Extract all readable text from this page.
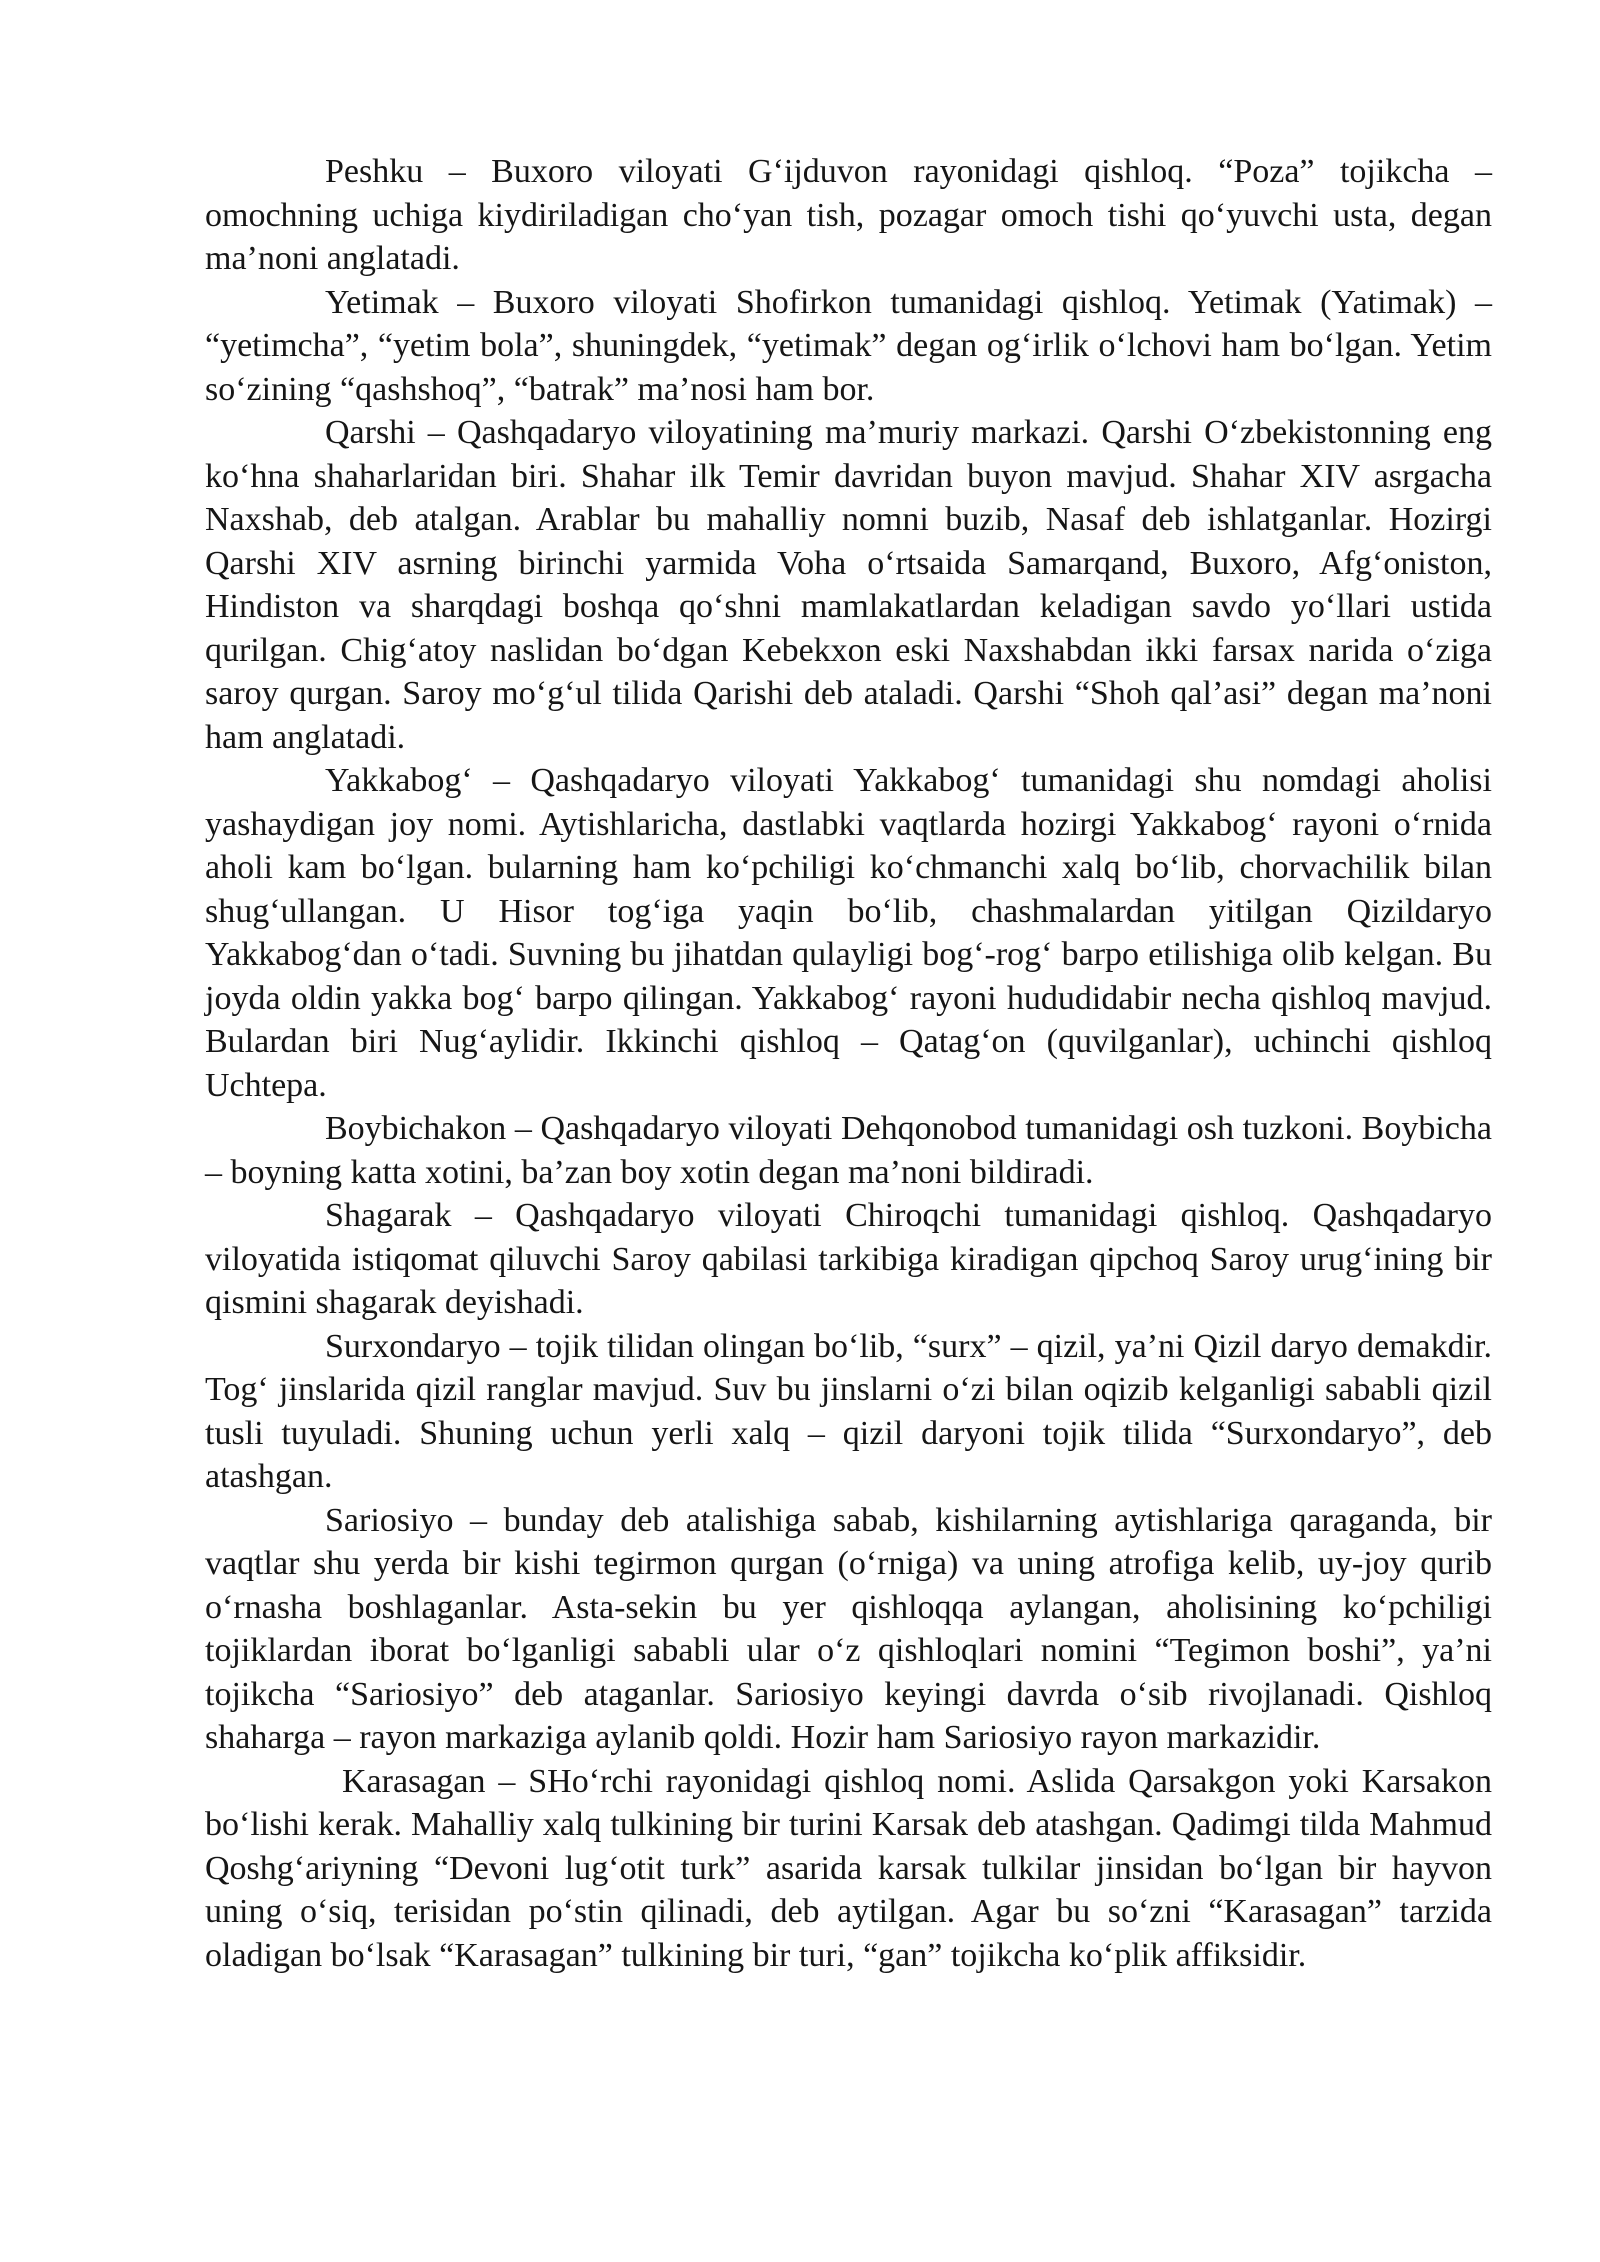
Peshku – Buxoro viloyati G‘ijduvon rayonidagi qishloq. “Poza” tojikcha – omochning uchiga kiydiriladigan cho‘yan tish, pozagar omoch tishi qo‘yuvchi usta, degan ma’noni anglatadi.

Yetimak – Buxoro viloyati Shofirkon tumanidagi qishloq. Yetimak (Yatimak) – “yetimcha”, “yetim bola”, shuningdek, “yetimak” degan og‘irlik o‘lchovi ham bo‘lgan. Yetim so‘zining “qashshoq”, “batrak” ma’nosi ham bor.

Qarshi – Qashqadaryo viloyatining ma’muriy markazi. Qarshi O‘zbekistonning eng ko‘hna shaharlaridan biri. Shahar ilk Temir davridan buyon mavjud. Shahar XIV asrgacha Naxshab, deb atalgan. Arablar bu mahalliy nomni buzib, Nasaf deb ishlatganlar. Hozirgi Qarshi XIV asrning birinchi yarmida Voha o‘rtsaida Samarqand, Buxoro, Afg‘oniston, Hindiston va sharqdagi boshqa qo‘shni mamlakatlardan keladigan savdo yo‘llari ustida qurilgan. Chig‘atoy naslidan bo‘dgan Kebekxon eski Naxshabdan ikki farsax narida o‘ziga saroy qurgan. Saroy mo‘g‘ul tilida Qarishi deb ataladi. Qarshi “Shoh qal’asi” degan ma’noni ham anglatadi.

Yakkabog‘ – Qashqadaryo viloyati Yakkabog‘ tumanidagi shu nomdagi aholisi yashaydigan joy nomi. Aytishlaricha, dastlabki vaqtlarda hozirgi Yakkabog‘ rayoni o‘rnida aholi kam bo‘lgan. bularning ham ko‘pchiligi ko‘chmanchi xalq bo‘lib, chorvachilik bilan shug‘ullangan. U Hisor tog‘iga yaqin bo‘lib, chashmalardan yitilgan Qizildaryo Yakkabog‘dan o‘tadi. Suvning bu jihatdan qulayligi bog‘-rog‘ barpo etilishiga olib kelgan. Bu joyda oldin yakka bog‘ barpo qilingan. Yakkabog‘ rayoni hududidabir necha qishloq mavjud. Bulardan biri Nug‘aylidir. Ikkinchi qishloq – Qatag‘on (quvilganlar), uchinchi qishloq Uchtepa.

Boybichakon – Qashqadaryo viloyati Dehqonobod tumanidagi osh tuzkoni. Boybicha – boyning katta xotini, ba’zan boy xotin degan ma’noni bildiradi.

Shagarak – Qashqadaryo viloyati Chiroqchi tumanidagi qishloq. Qashqadaryo viloyatida istiqomat qiluvchi Saroy qabilasi tarkibiga kiradigan qipchoq Saroy urug‘ining bir qismini shagarak deyishadi.

Surxondaryo – tojik tilidan olingan bo‘lib, “surx” – qizil, ya’ni Qizil daryo demakdir. Tog‘ jinslarida qizil ranglar mavjud. Suv bu jinslarni o‘zi bilan oqizib kelganligi sababli qizil tusli tuyuladi. Shuning uchun yerli xalq – qizil daryoni tojik tilida “Surxondaryo”, deb atashgan.

Sariosiyo – bunday deb atalishiga sabab, kishilarning aytishlariga qaraganda, bir vaqtlar shu yerda bir kishi tegirmon qurgan (o‘rniga) va uning atrofiga kelib, uy-joy qurib o‘rnasha boshlaganlar. Asta-sekin bu yer qishloqqa aylangan, aholisining ko‘pchiligi tojiklardan iborat bo‘lganligi sababli ular o‘z qishloqlari nomini “Tegimon boshi”, ya’ni tojikcha “Sariosiyo” deb ataganlar. Sariosiyo keyingi davrda o‘sib rivojlanadi. Qishloq shaharga – rayon markaziga aylanib qoldi. Hozir ham Sariosiyo rayon markazidir.

Karasagan – SHo‘rchi rayonidagi qishloq nomi. Aslida Qarsakgon yoki Karsakon bo‘lishi kerak. Mahalliy xalq tulkining bir turini Karsak deb atashgan. Qadimgi tilda Mahmud Qoshg‘ariyning “Devoni lug‘otit turk” asarida karsak tulkilar jinsidan bo‘lgan bir hayvon uning o‘siq, terisidan po‘stin qilinadi, deb aytilgan. Agar bu so‘zni “Karasagan” tarzida oladigan bo‘lsak “Karasagan” tulkining bir turi, “gan” tojikcha ko‘plik affiksidir.
